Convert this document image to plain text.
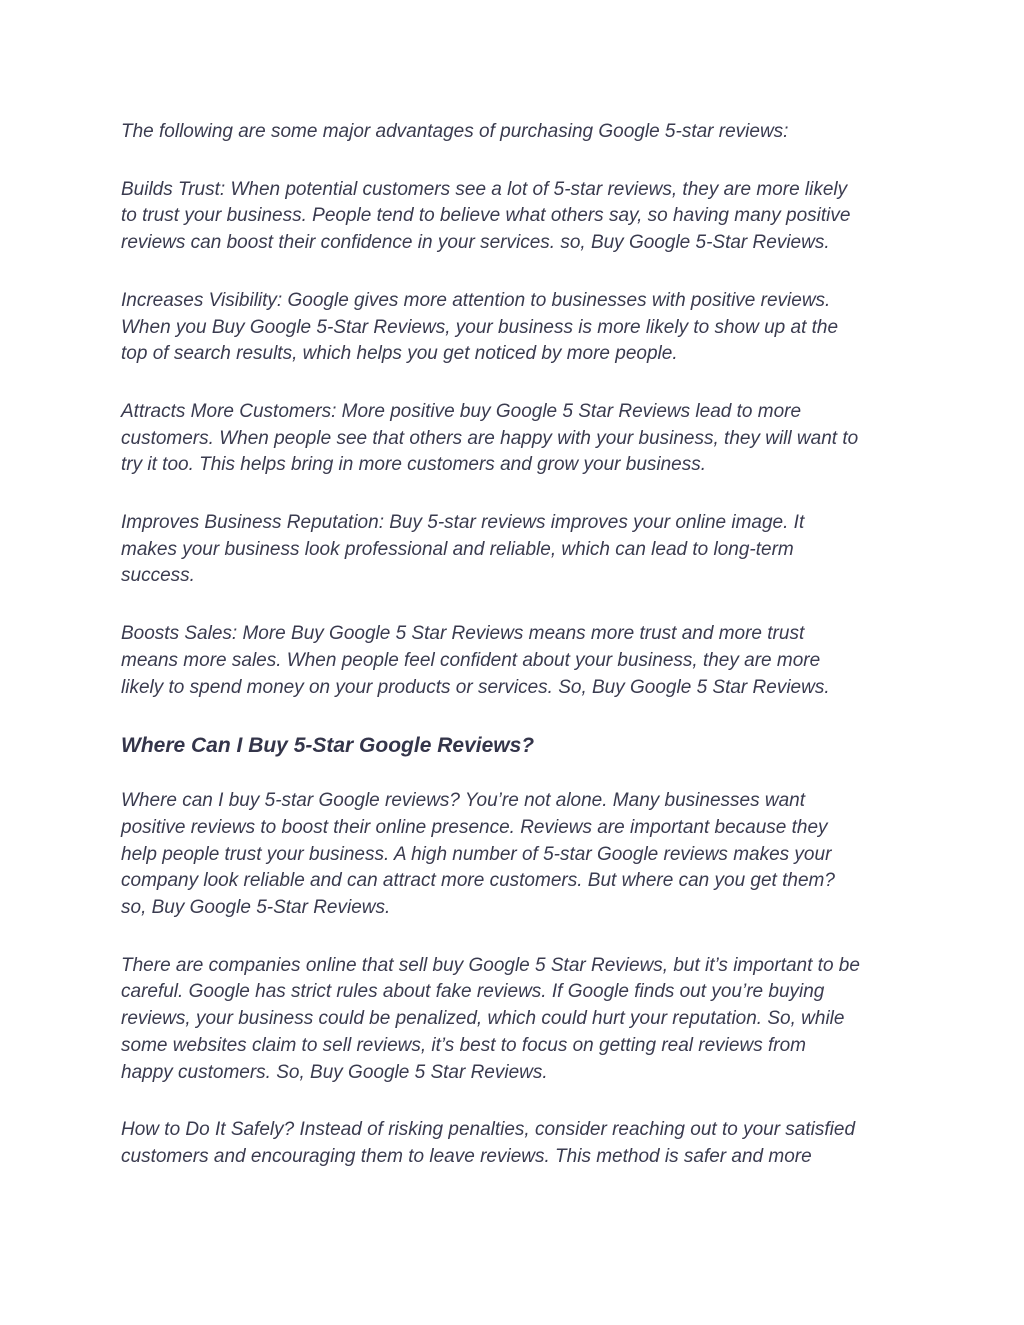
The following are some major advantages of purchasing Google 5-star reviews:

Builds Trust: When potential customers see a lot of 5-star reviews, they are more likely
to trust your business. People tend to believe what others say, so having many positive
reviews can boost their confidence in your services. so, Buy Google 5-Star Reviews.

Increases Visibility: Google gives more attention to businesses with positive reviews.
When you Buy Google 5-Star Reviews, your business is more likely to show up at the
top of search results, which helps you get noticed by more people.

Attracts More Customers: More positive buy Google 5 Star Reviews lead to more
customers. When people see that others are happy with your business, they will want to
try it too. This helps bring in more customers and grow your business.

Improves Business Reputation: Buy 5-star reviews improves your online image. It
makes your business look professional and reliable, which can lead to long-term
success.

Boosts Sales: More Buy Google 5 Star Reviews means more trust and more trust
means more sales. When people feel confident about your business, they are more
likely to spend money on your products or services. So, Buy Google 5 Star Reviews.

Where Can I Buy 5-Star Google Reviews?

Where can I buy 5-star Google reviews? You’re not alone. Many businesses want
positive reviews to boost their online presence. Reviews are important because they
help people trust your business. A high number of 5-star Google reviews makes your
company look reliable and can attract more customers. But where can you get them?
so, Buy Google 5-Star Reviews.

There are companies online that sell buy Google 5 Star Reviews, but it’s important to be
careful. Google has strict rules about fake reviews. If Google finds out you’re buying
reviews, your business could be penalized, which could hurt your reputation. So, while
some websites claim to sell reviews, it’s best to focus on getting real reviews from
happy customers. So, Buy Google 5 Star Reviews.

How to Do It Safely? Instead of risking penalties, consider reaching out to your satisfied
customers and encouraging them to leave reviews. This method is safer and more
